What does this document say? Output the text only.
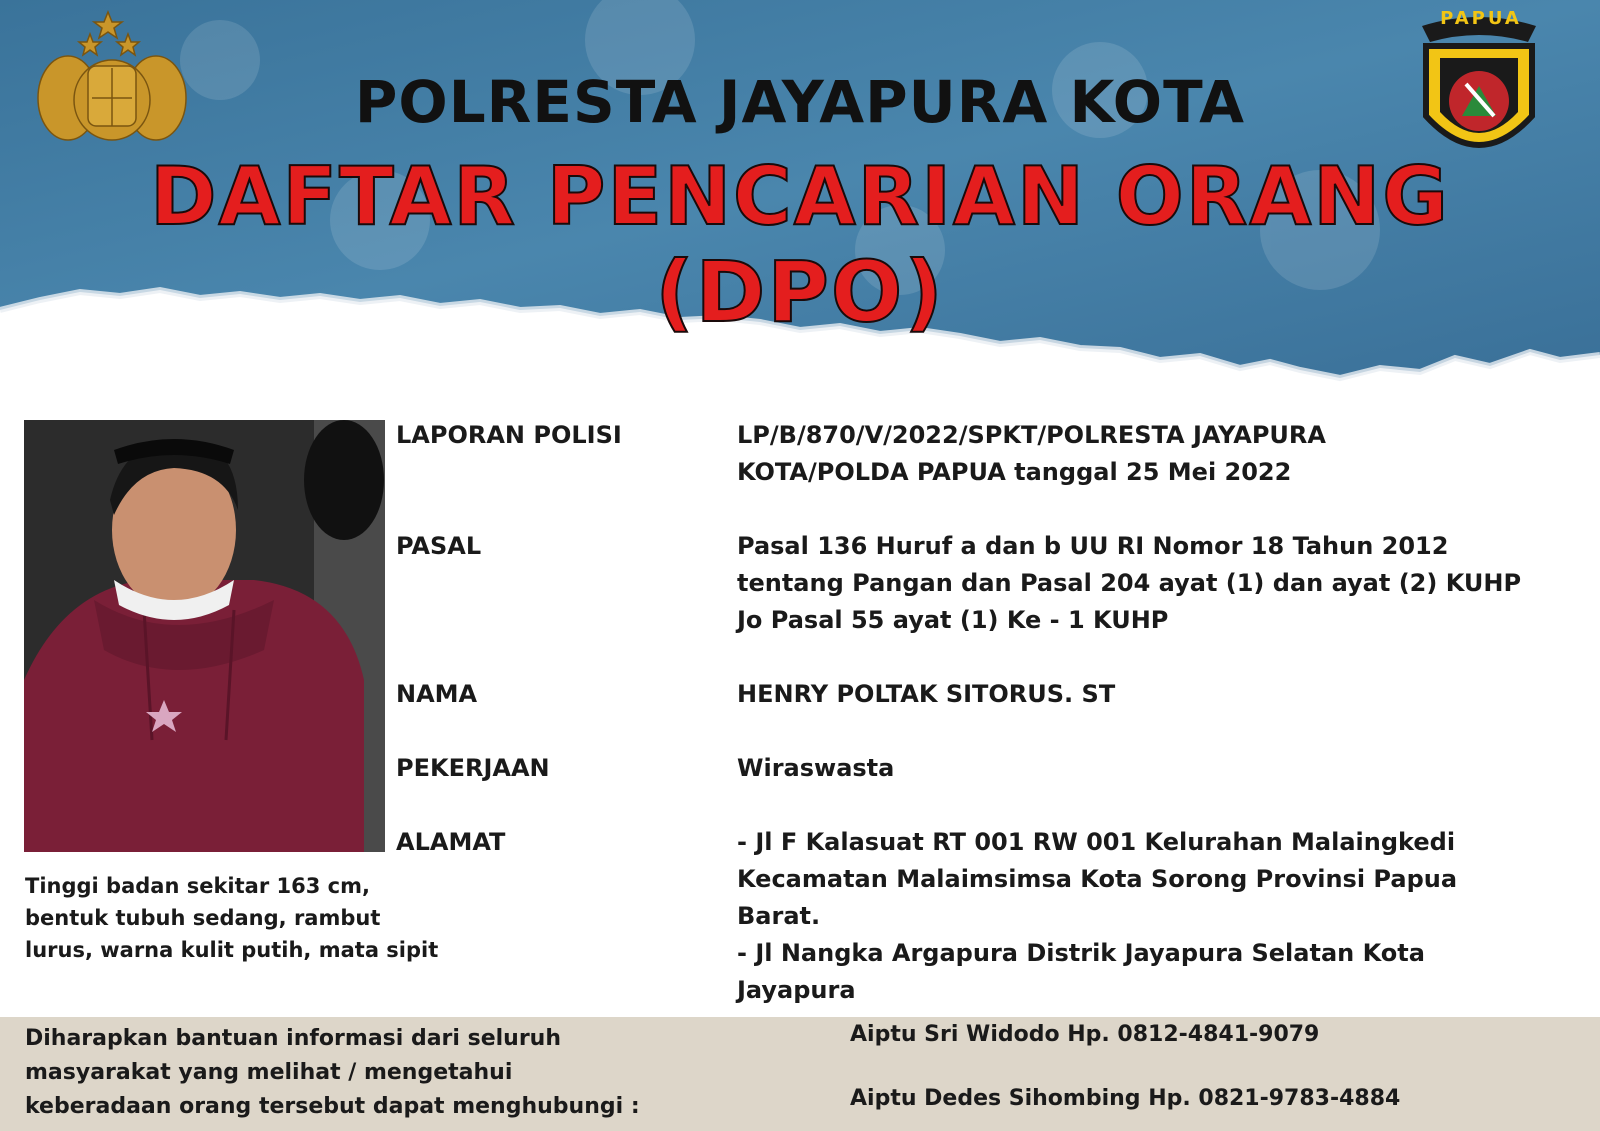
PAPUA
POLRESTA JAYAPURA KOTA
DAFTAR PENCARIAN ORANG
(DPO)
Tinggi badan sekitar 163 cm, bentuk tubuh sedang, rambut lurus, warna kulit putih, mata sipit
LAPORAN POLISI	LP/B/870/V/2022/SPKT/POLRESTA JAYAPURA
KOTA/POLDA PAPUA tanggal 25 Mei 2022
PASAL	Pasal 136 Huruf a dan b UU RI Nomor 18 Tahun 2012
tentang Pangan dan Pasal 204 ayat (1) dan ayat (2) KUHP
Jo Pasal 55 ayat (1) Ke - 1 KUHP
NAMA	HENRY POLTAK SITORUS. ST
PEKERJAAN	Wiraswasta
ALAMAT	- Jl F Kalasuat RT 001 RW 001 Kelurahan Malaingkedi
Kecamatan Malaimsimsa Kota Sorong Provinsi Papua
Barat.
- Jl Nangka Argapura Distrik Jayapura Selatan Kota
Jayapura
Diharapkan bantuan informasi dari seluruh
masyarakat yang melihat / mengetahui
keberadaan orang tersebut dapat menghubungi :
Aiptu Sri Widodo Hp. 0812-4841-9079
Aiptu Dedes Sihombing Hp. 0821-9783-4884
